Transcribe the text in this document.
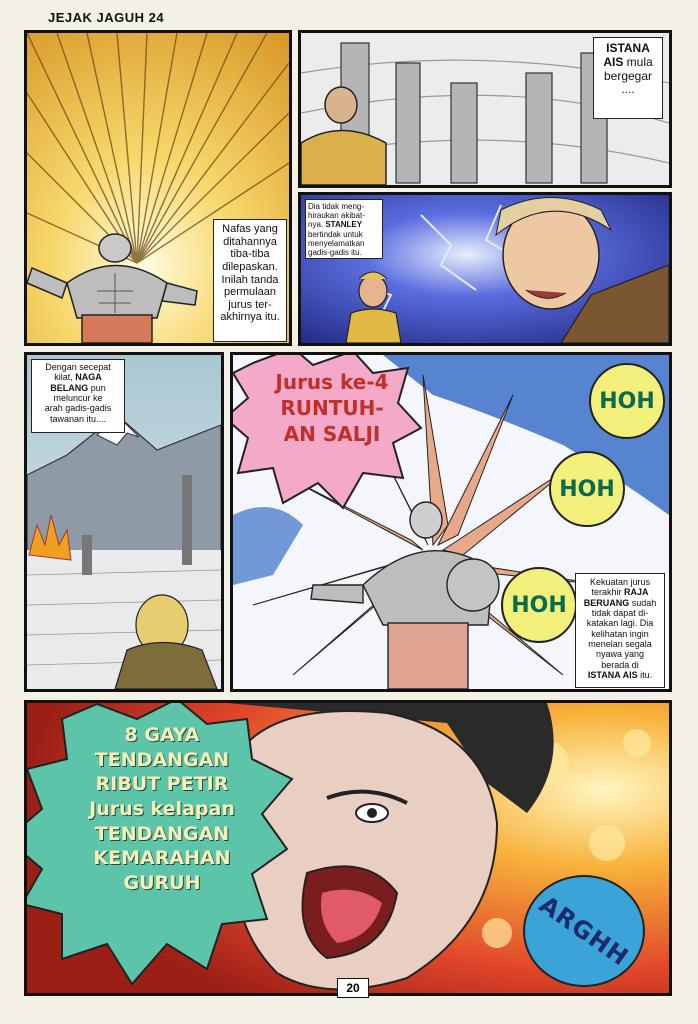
JEJAK JAGUH 24
Nafas yang
ditahannya
tiba-tiba
dilepaskan.
Inilah tanda
permulaan
jurus ter-
akhirnya itu.
ISTANA
AIS mula
bergegar
....
Dia tidak meng-
hiraukan akibat-
nya. STANLEY
bertindak untuk
menyelamatkan
gadis-gadis itu.
Dengan secepat
kilat, NAGA
BELANG pun
meluncur ke
arah gadis-gadis
tawanan itu....
Jurus ke-4
RUNTUH-
AN SALJI
HOH
HOH
HOH
Kekuatan jurus
terakhir RAJA
BERUANG sudah
tidak dapat di-
katakan lagi. Dia
kelihatan ingin
menelan segala
nyawa yang
berada di
ISTANA AIS itu.
8 GAYA
TENDANGAN
RIBUT PETIR
Jurus kelapan
TENDANGAN
KEMARAHAN
GURUH
ARGHH
20
